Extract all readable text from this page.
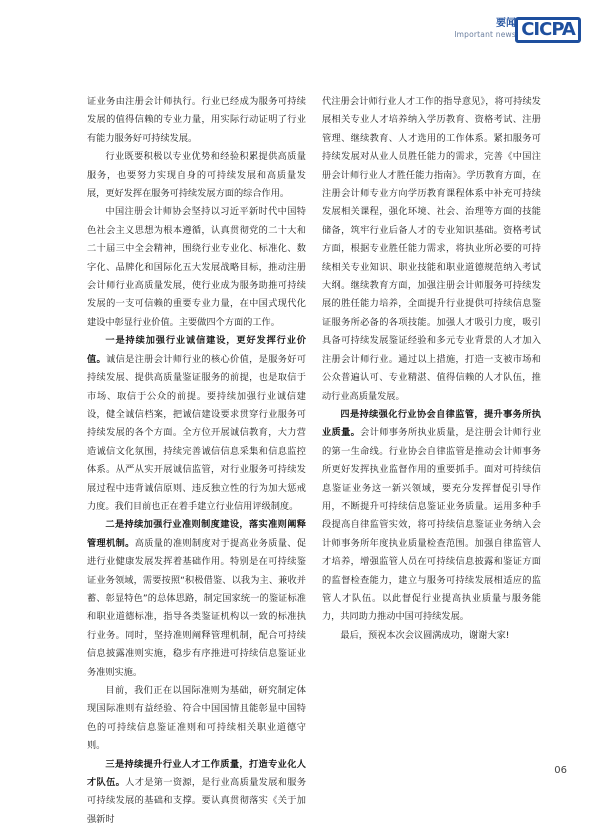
要闻
Important news CICPA

证业务由注册会计师执行。行业已经成为服务可持续发展的值得信赖的专业力量，用实际行动证明了行业有能力服务好可持续发展。

行业既要积极以专业优势和经验积累提供高质量服务，也要努力实现自身的可持续发展和高质量发展，更好发挥在服务可持续发展方面的综合作用。

中国注册会计师协会坚持以习近平新时代中国特色社会主义思想为根本遵循，认真贯彻党的二十大和二十届三中全会精神，围绕行业专业化、标准化、数字化、品牌化和国际化五大发展战略目标，推动注册会计师行业高质量发展，使行业成为服务助推可持续发展的一支可信赖的重要专业力量，在中国式现代化建设中彰显行业价值。主要做四个方面的工作。

一是持续加强行业诚信建设，更好发挥行业价值。诚信是注册会计师行业的核心价值，是服务好可持续发展、提供高质量鉴证服务的前提，也是取信于市场、取信于公众的前提。要持续加强行业诚信建设，健全诚信档案，把诚信建设要求贯穿行业服务可持续发展的各个方面。全方位开展诚信教育，大力营造诚信文化氛围，持续完善诚信信息采集和信息监控体系。从严从实开展诚信监管，对行业服务可持续发展过程中违背诚信原则、违反独立性的行为加大惩戒力度。我们目前也正在着手建立行业信用评级制度。

二是持续加强行业准则制度建设，落实准则阐释管理机制。高质量的准则制度对于提高业务质量、促进行业健康发展发挥着基础作用。特别是在可持续鉴证业务领域，需要按照“积极借鉴、以我为主、兼收并蓄、彰显特色”的总体思路，制定国家统一的鉴证标准和职业道德标准，指导各类鉴证机构以一致的标准执行业务。同时，坚持准则阐释管理机制，配合可持续信息披露准则实施，稳步有序推进可持续信息鉴证业务准则实施。

目前，我们正在以国际准则为基础，研究制定体现国际准则有益经验、符合中国国情且能彰显中国特色的可持续信息鉴证准则和可持续相关职业道德守则。

三是持续提升行业人才工作质量，打造专业化人才队伍。人才是第一资源，是行业高质量发展和服务可持续发展的基础和支撑。要认真贯彻落实《关于加强新时

代注册会计师行业人才工作的指导意见》，将可持续发展相关专业人才培养纳入学历教育、资格考试、注册管理、继续教育、人才选用的工作体系。紧扣服务可持续发展对从业人员胜任能力的需求，完善《中国注册会计师行业人才胜任能力指南》。学历教育方面，在注册会计师专业方向学历教育课程体系中补充可持续发展相关课程，强化环境、社会、治理等方面的技能储备，筑牢行业后备人才的专业知识基础。资格考试方面，根据专业胜任能力需求，将执业所必要的可持续相关专业知识、职业技能和职业道德规范纳入考试大纲。继续教育方面，加强注册会计师服务可持续发展的胜任能力培养，全面提升行业提供可持续信息鉴证服务所必备的各项技能。加强人才吸引力度，吸引具备可持续发展鉴证经验和多元专业背景的人才加入注册会计师行业。通过以上措施，打造一支被市场和公众普遍认可、专业精湛、值得信赖的人才队伍，推动行业高质量发展。

四是持续强化行业协会自律监管，提升事务所执业质量。会计师事务所执业质量，是注册会计师行业的第一生命线。行业协会自律监管是推动会计师事务所更好发挥执业监督作用的重要抓手。面对可持续信息鉴证业务这一新兴领域，要充分发挥督促引导作用，不断提升可持续信息鉴证业务质量。运用多种手段提高自律监管实效，将可持续信息鉴证业务纳入会计师事务所年度执业质量检查范围。加强自律监管人才培养，增强监管人员在可持续信息披露和鉴证方面的监督检查能力，建立与服务可持续发展相适应的监管人才队伍。以此督促行业提高执业质量与服务能力，共同助力推动中国可持续发展。

最后，预祝本次会议圆满成功，谢谢大家!

06
